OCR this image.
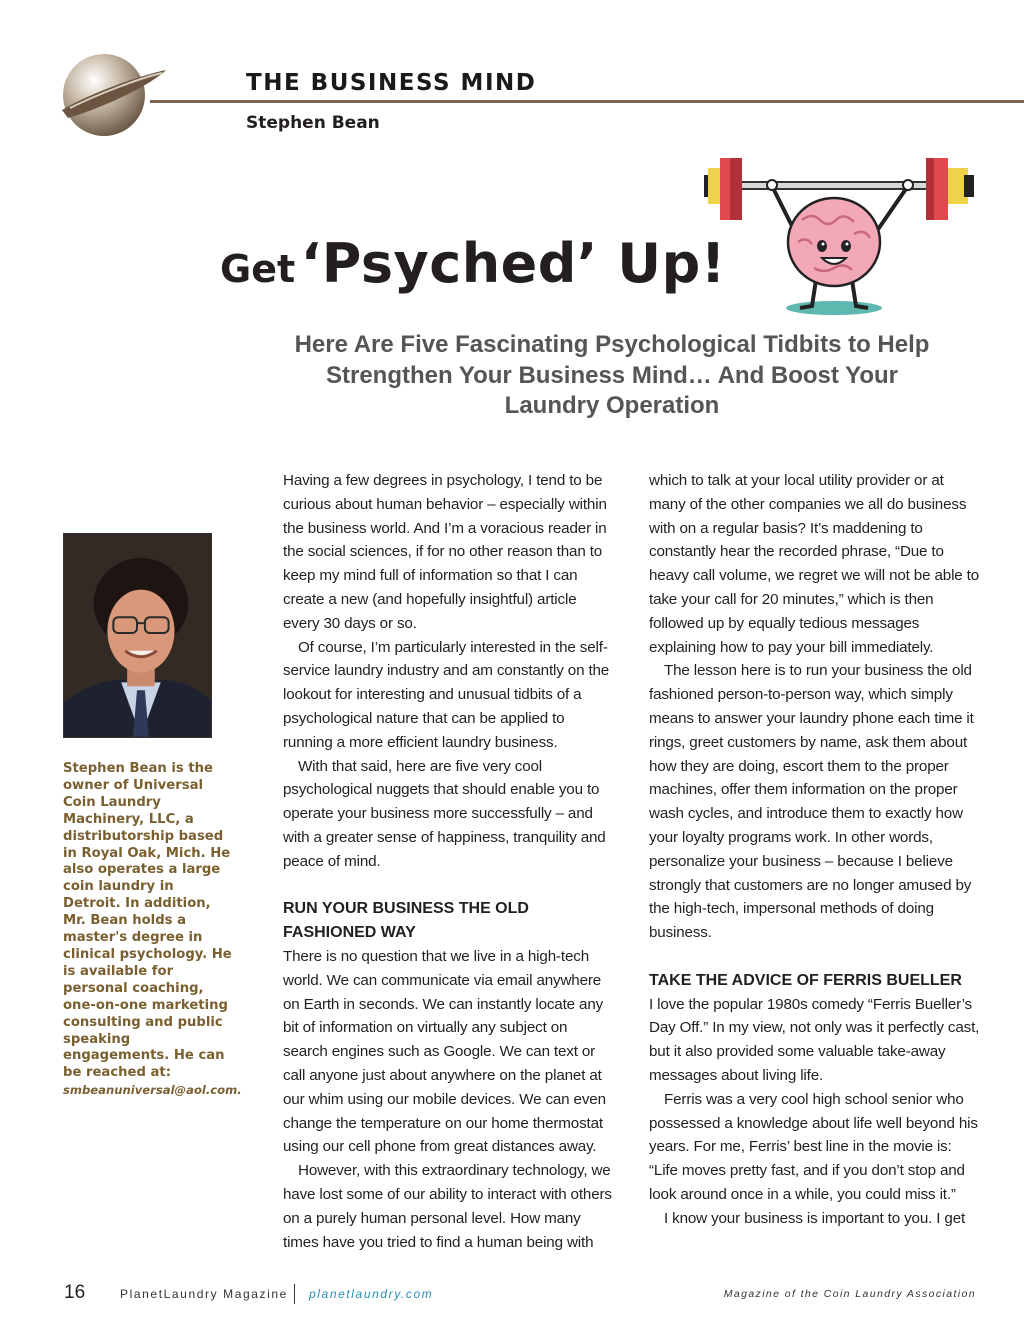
THE BUSINESS MIND
Stephen Bean
Get ‘Psyched’ Up!
Here Are Five Fascinating Psychological Tidbits to Help Strengthen Your Business Mind… And Boost Your Laundry Operation
Stephen Bean is the owner of Universal Coin Laundry Machinery, LLC, a distributorship based in Royal Oak, Mich. He also operates a large coin laundry in Detroit. In addition, Mr. Bean holds a master's degree in clinical psychology. He is available for personal coaching, one-on-one marketing consulting and public speaking engagements. He can be reached at:
smbeanuniversal@aol.com.

Having a few degrees in psychology, I tend to be curious about human behavior – especially within the business world. And I’m a voracious reader in the social sciences, if for no other reason than to keep my mind full of information so that I can create a new (and hopefully insightful) article every 30 days or so.

Of course, I’m particularly interested in the self-service laundry industry and am constantly on the lookout for interesting and unusual tidbits of a psychological nature that can be applied to running a more efficient laundry business.

With that said, here are five very cool psychological nuggets that should enable you to operate your business more successfully – and with a greater sense of happiness, tranquility and peace of mind.

RUN YOUR BUSINESS THE OLD FASHIONED WAY

There is no question that we live in a high-tech world. We can communicate via email anywhere on Earth in seconds. We can instantly locate any bit of information on virtually any subject on search engines such as Google. We can text or call anyone just about anywhere on the planet at our whim using our mobile devices. We can even change the temperature on our home thermostat using our cell phone from great distances away.

However, with this extraordinary technology, we have lost some of our ability to interact with others on a purely human personal level. How many times have you tried to find a human being with

which to talk at your local utility provider or at many of the other companies we all do business with on a regular basis? It’s maddening to constantly hear the recorded phrase, “Due to heavy call volume, we regret we will not be able to take your call for 20 minutes,” which is then followed up by equally tedious messages explaining how to pay your bill immediately.

The lesson here is to run your business the old fashioned person-to-person way, which simply means to answer your laundry phone each time it rings, greet customers by name, ask them about how they are doing, escort them to the proper machines, offer them information on the proper wash cycles, and introduce them to exactly how your loyalty programs work. In other words, personalize your business – because I believe strongly that customers are no longer amused by the high-tech, impersonal methods of doing business.

TAKE THE ADVICE OF FERRIS BUELLER

I love the popular 1980s comedy “Ferris Bueller’s Day Off.” In my view, not only was it perfectly cast, but it also provided some valuable take-away messages about living life.

Ferris was a very cool high school senior who possessed a knowledge about life well beyond his years. For me, Ferris’ best line in the movie is: “Life moves pretty fast, and if you don’t stop and look around once in a while, you could miss it.”

I know your business is important to you. I get

16	PlanetLaundry Magazine planetlaundry.com	Magazine of the Coin Laundry Association
